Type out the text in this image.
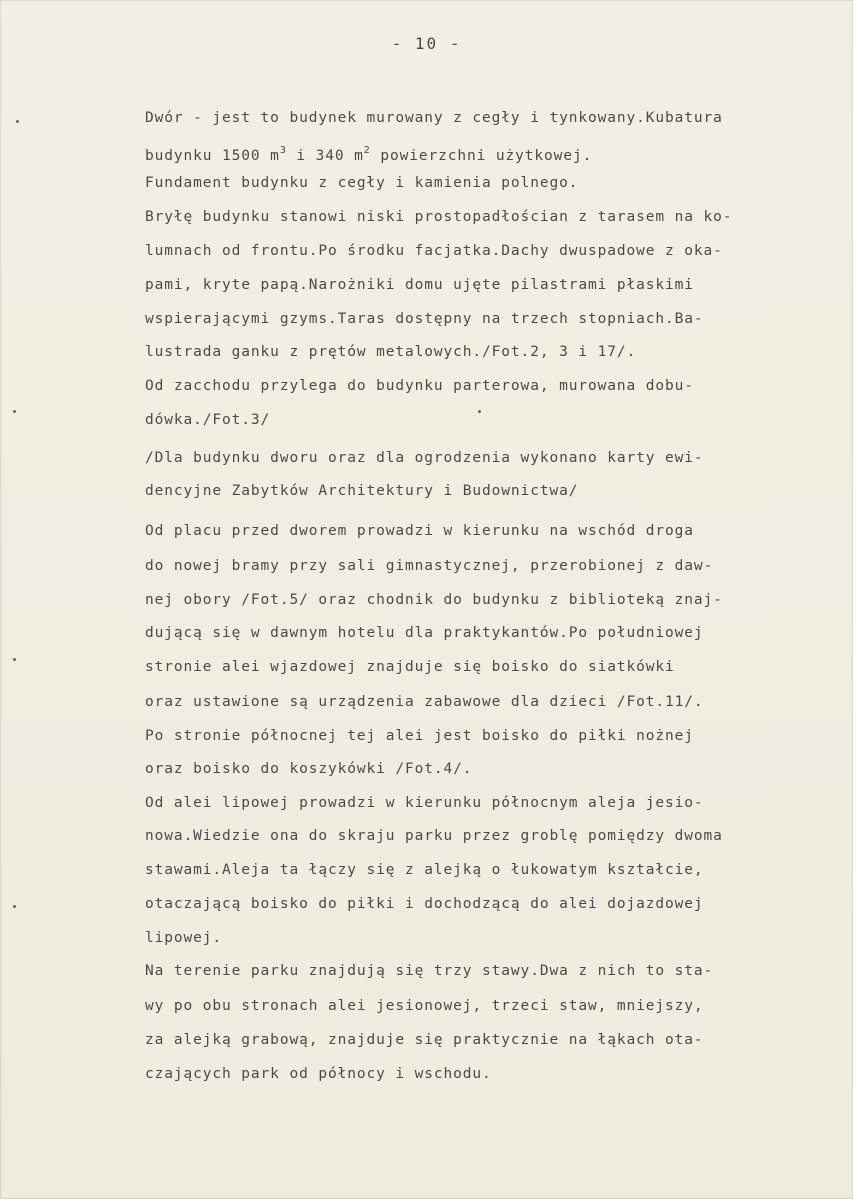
- 10 -
Dwór - jest to budynek murowany z cegły i tynkowany.Kubatura
budynku 1500 $m^3$ i 340 $m^2$ powierzchni użytkowej.
Fundament budynku z cegły i kamienia polnego.
Bryłę budynku stanowi niski prostopadłościan z tarasem na ko-
lumnach od frontu.Po środku facjatka.Dachy dwuspadowe z oka-
pami, kryte papą.Narożniki domu ujęte pilastrami płaskimi
wspierającymi gzyms.Taras dostępny na trzech stopniach.Ba-
lustrada ganku z prętów metalowych./Fot.2, 3 i 17/.
Od zacchodu przylega do budynku parterowa, murowana dobu-
dówka./Fot.3/
/Dla budynku dworu oraz dla ogrodzenia wykonano karty ewi-
dencyjne Zabytków Architektury i Budownictwa/
Od placu przed dworem prowadzi w kierunku na wschód droga
do nowej bramy przy sali gimnastycznej, przerobionej z daw-
nej obory /Fot.5/ oraz chodnik do budynku z biblioteką znaj-
dującą się w dawnym hotelu dla praktykantów.Po południowej
stronie alei wjazdowej znajduje się boisko do siatkówki
oraz ustawione są urządzenia zabawowe dla dzieci /Fot.11/.
Po stronie północnej tej alei jest boisko do piłki nożnej
oraz boisko do koszykówki /Fot.4/.
Od alei lipowej prowadzi w kierunku północnym aleja jesio-
nowa.Wiedzie ona do skraju parku przez groblę pomiędzy dwoma
stawami.Aleja ta łączy się z alejką o łukowatym kształcie,
otaczającą boisko do piłki i dochodzącą do alei dojazdowej
lipowej.
Na terenie parku znajdują się trzy stawy.Dwa z nich to sta-
wy po obu stronach alei jesionowej, trzeci staw, mniejszy,
za alejką grabową, znajduje się praktycznie na łąkach ota-
czających park od północy i wschodu.
